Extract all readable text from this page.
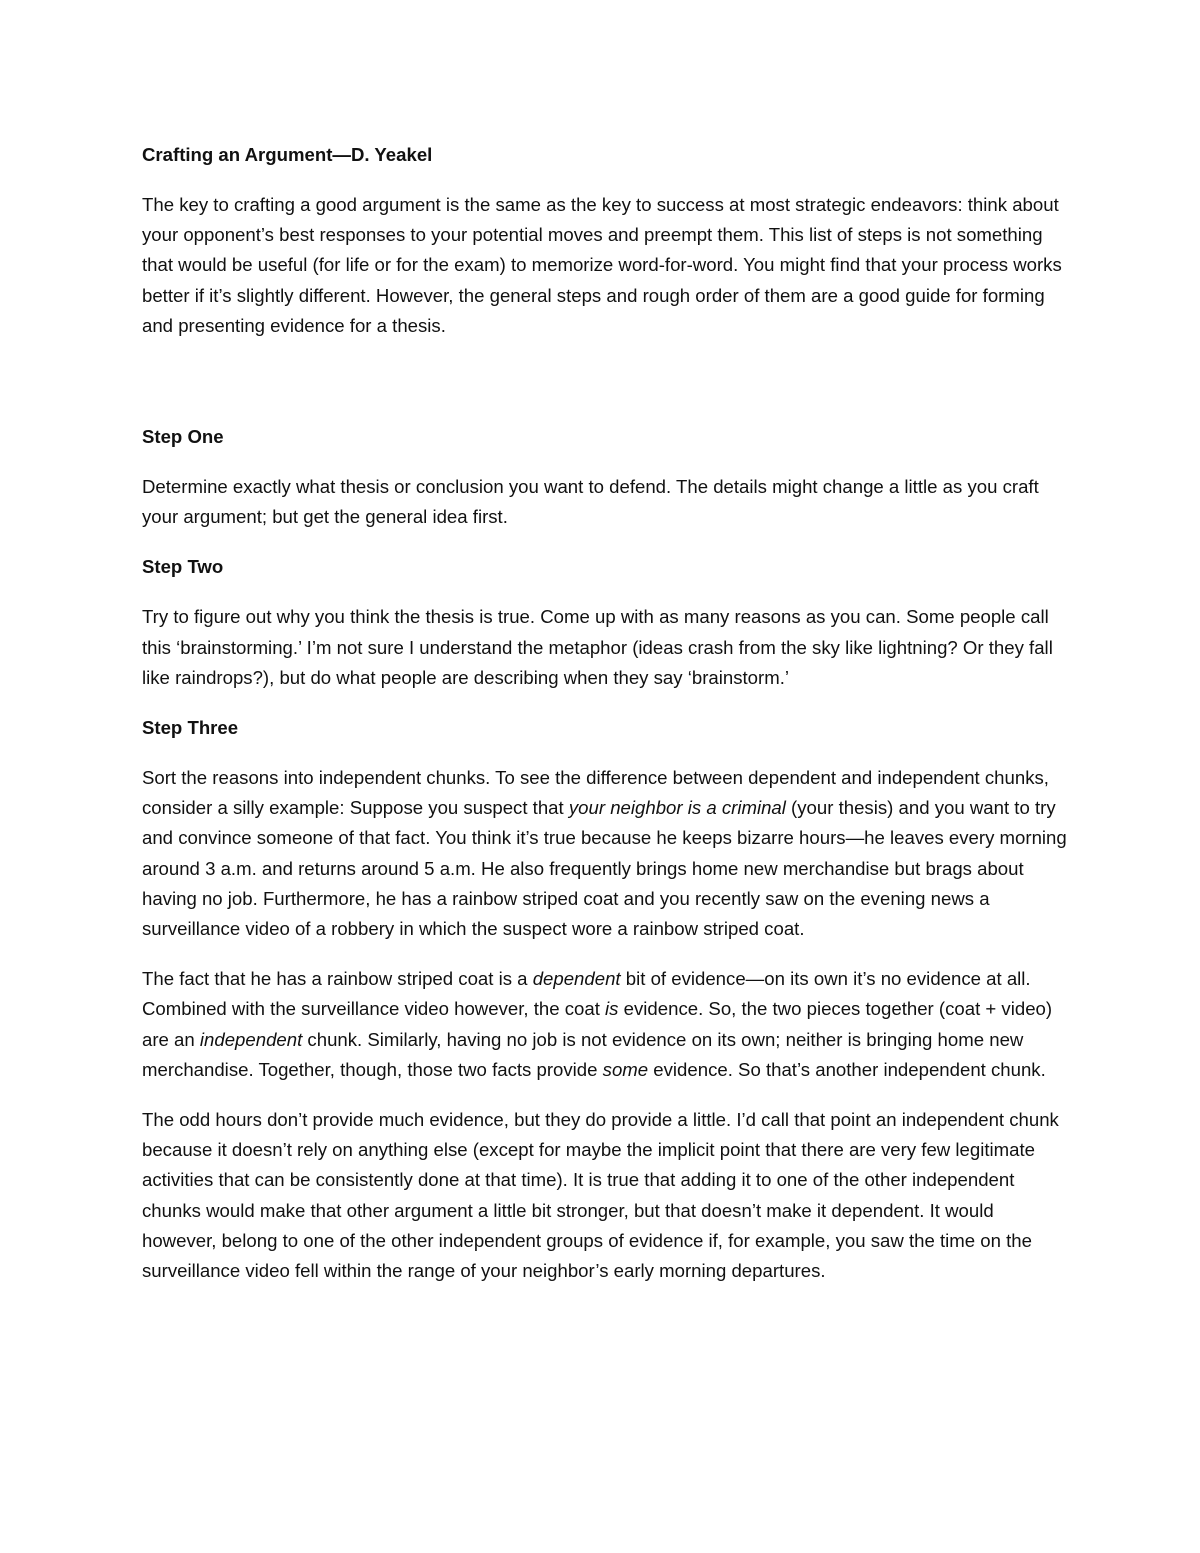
Crafting an Argument—D. Yeakel

The key to crafting a good argument is the same as the key to success at most strategic endeavors: think about your opponent’s best responses to your potential moves and preempt them. This list of steps is not something that would be useful (for life or for the exam) to memorize word-for-word. You might find that your process works better if it’s slightly different. However, the general steps and rough order of them are a good guide for forming and presenting evidence for a thesis.

Step One

Determine exactly what thesis or conclusion you want to defend. The details might change a little as you craft your argument; but get the general idea first.

Step Two

Try to figure out why you think the thesis is true. Come up with as many reasons as you can. Some people call this ‘brainstorming.’ I’m not sure I understand the metaphor (ideas crash from the sky like lightning? Or they fall like raindrops?), but do what people are describing when they say ‘brainstorm.’

Step Three

Sort the reasons into independent chunks. To see the difference between dependent and independent chunks, consider a silly example: Suppose you suspect that your neighbor is a criminal (your thesis) and you want to try and convince someone of that fact. You think it’s true because he keeps bizarre hours—he leaves every morning around 3 a.m. and returns around 5 a.m. He also frequently brings home new merchandise but brags about having no job. Furthermore, he has a rainbow striped coat and you recently saw on the evening news a surveillance video of a robbery in which the suspect wore a rainbow striped coat.

The fact that he has a rainbow striped coat is a dependent bit of evidence—on its own it’s no evidence at all. Combined with the surveillance video however, the coat is evidence. So, the two pieces together (coat + video) are an independent chunk. Similarly, having no job is not evidence on its own; neither is bringing home new merchandise. Together, though, those two facts provide some evidence. So that’s another independent chunk.

The odd hours don’t provide much evidence, but they do provide a little. I’d call that point an independent chunk because it doesn’t rely on anything else (except for maybe the implicit point that there are very few legitimate activities that can be consistently done at that time). It is true that adding it to one of the other independent chunks would make that other argument a little bit stronger, but that doesn’t make it dependent. It would however, belong to one of the other independent groups of evidence if, for example, you saw the time on the surveillance video fell within the range of your neighbor’s early morning departures.
